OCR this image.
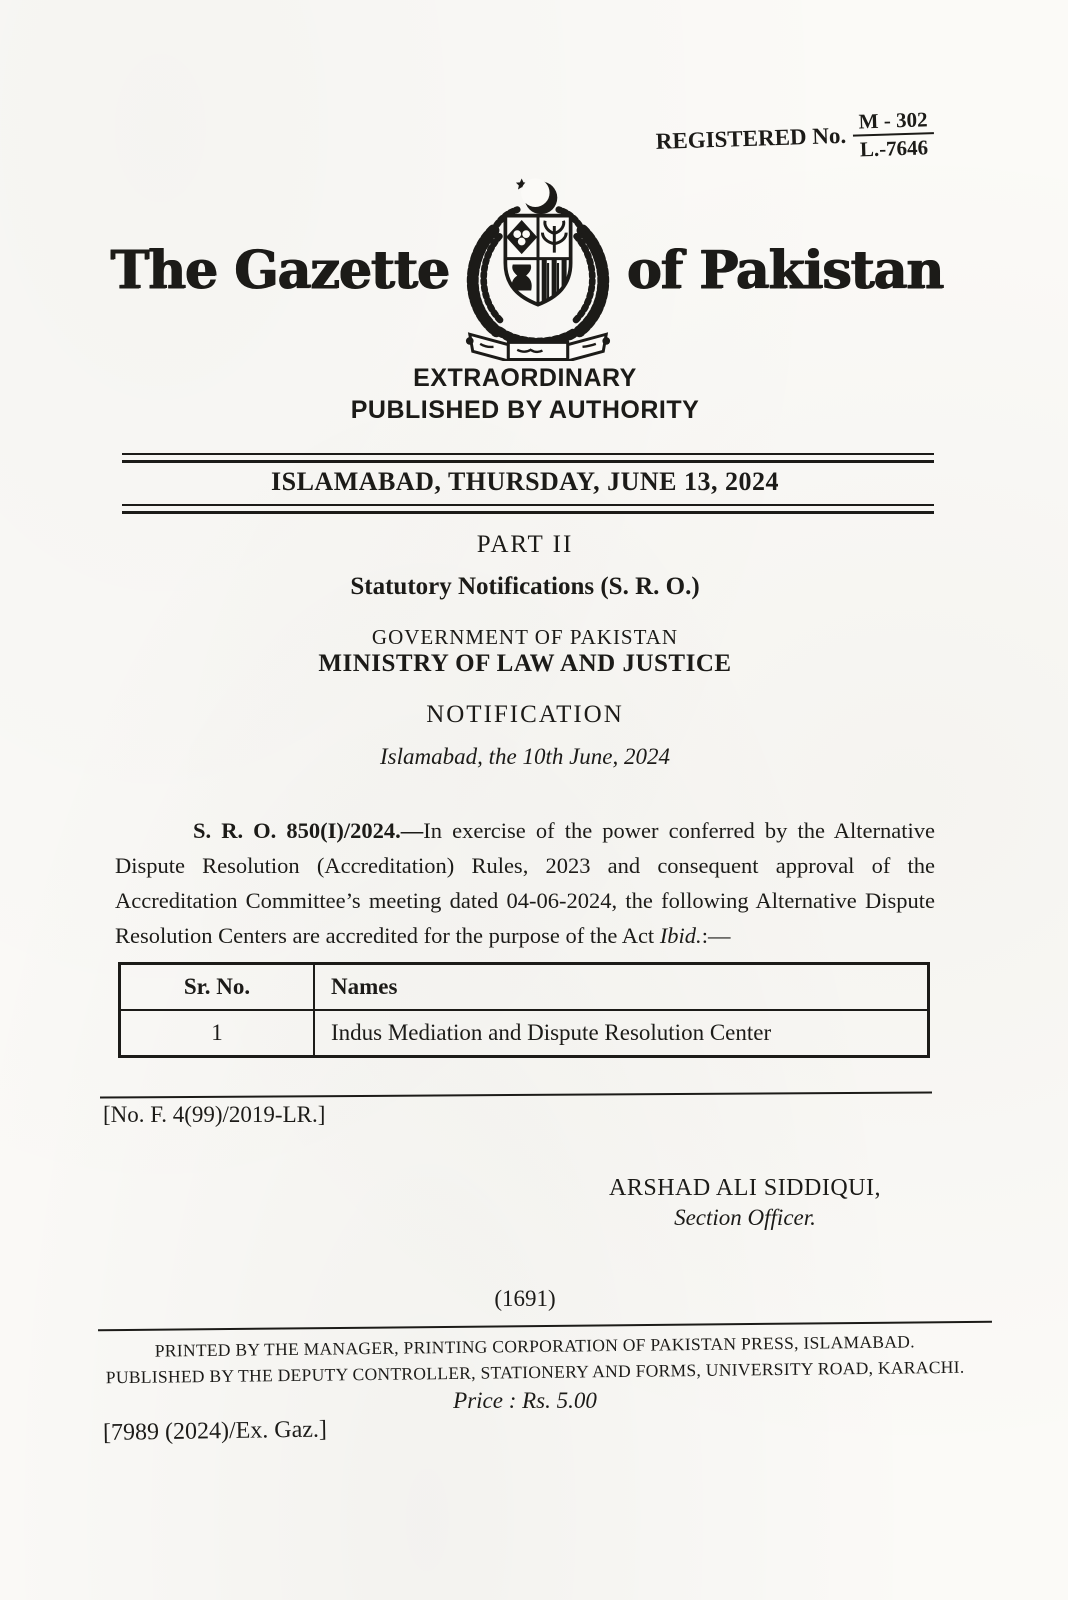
REGISTERED No. $\frac{M - 302}{L.-7646}$
The Gazette	of Pakistan
EXTRAORDINARY
PUBLISHED BY AUTHORITY
ISLAMABAD, THURSDAY, JUNE 13, 2024
PART II
Statutory Notifications (S. R. O.)
GOVERNMENT OF PAKISTAN
MINISTRY OF LAW AND JUSTICE
NOTIFICATION
Islamabad, the 10th June, 2024

S. R. O. 850(I)/2024.—In exercise of the power conferred by the Alternative Dispute Resolution (Accreditation) Rules, 2023 and consequent approval of the Accreditation Committee’s meeting dated 04-06-2024, the following Alternative Dispute Resolution Centers are accredited for the purpose of the Act Ibid.:—

Sr. No.	Names
1	Indus Mediation and Dispute Resolution Center
[No. F. 4(99)/2019-LR.]
ARSHAD ALI SIDDIQUI,
Section Officer.
(1691)
PRINTED BY THE MANAGER, PRINTING CORPORATION OF PAKISTAN PRESS, ISLAMABAD.
PUBLISHED BY THE DEPUTY CONTROLLER, STATIONERY AND FORMS, UNIVERSITY ROAD, KARACHI.
Price : Rs. 5.00
[7989 (2024)/Ex. Gaz.]
